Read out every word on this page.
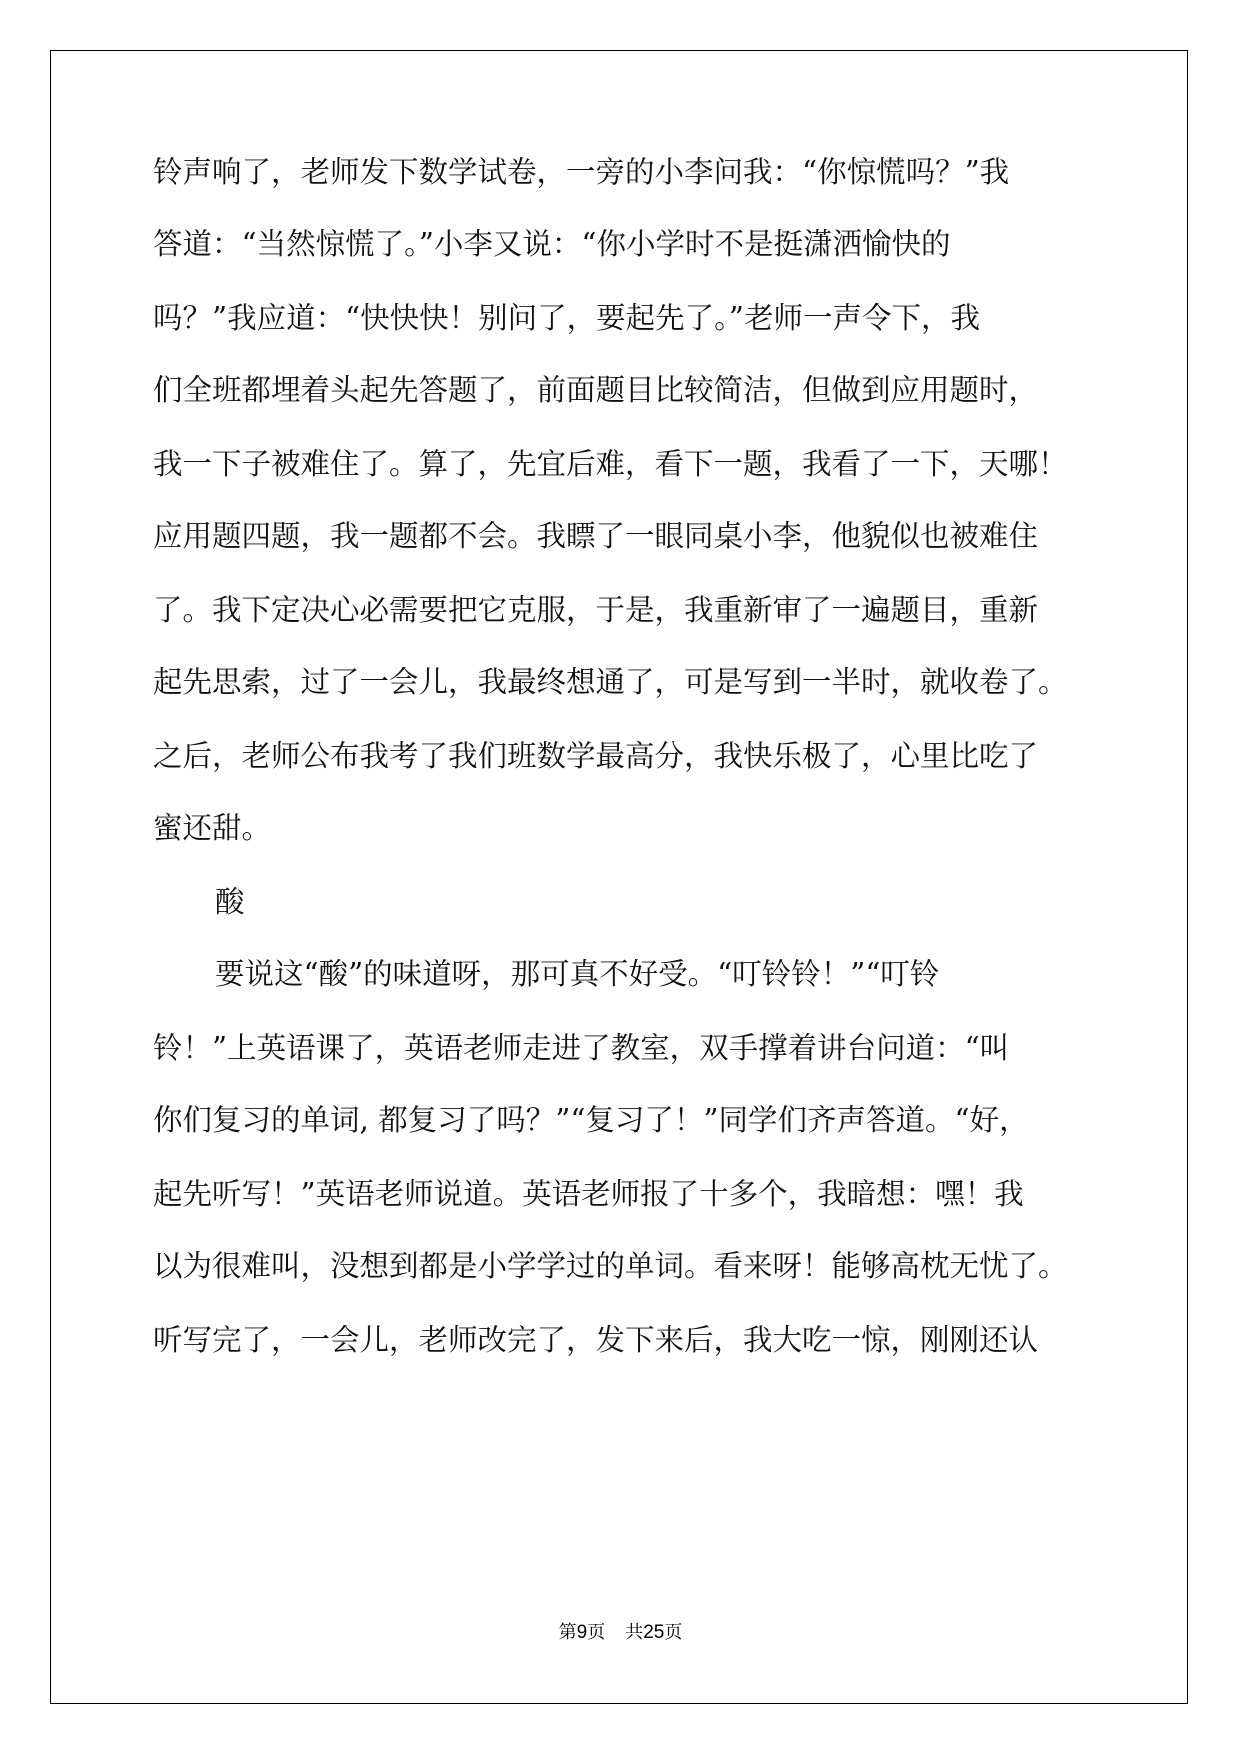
铃声响了，老师发下数学试卷，一旁的小李问我：“你惊慌吗？”我
答道：“当然惊慌了。”小李又说：“你小学时不是挺潇洒愉快的
吗？”我应道：“快快快！别问了，要起先了。”老师一声令下，我
们全班都埋着头起先答题了，前面题目比较简洁，但做到应用题时，
我一下子被难住了。算了，先宜后难，看下一题，我看了一下，天哪！
应用题四题，我一题都不会。我瞟了一眼同桌小李，他貌似也被难住
了。我下定决心必需要把它克服，于是，我重新审了一遍题目，重新
起先思索，过了一会儿，我最终想通了，可是写到一半时，就收卷了。
之后，老师公布我考了我们班数学最高分，我快乐极了，心里比吃了
蜜还甜。
酸
要说这“酸”的味道呀，那可真不好受。“叮铃铃！”“叮铃
铃！”上英语课了，英语老师走进了教室，双手撑着讲台问道：“叫
你们复习的单词, 都复习了吗？”“复习了！”同学们齐声答道。“好，
起先听写！”英语老师说道。英语老师报了十多个，我暗想：嘿！我
以为很难叫，没想到都是小学学过的单词。看来呀！能够高枕无忧了。
听写完了，一会儿，老师改完了，发下来后，我大吃一惊，刚刚还认
第9页 共25页
